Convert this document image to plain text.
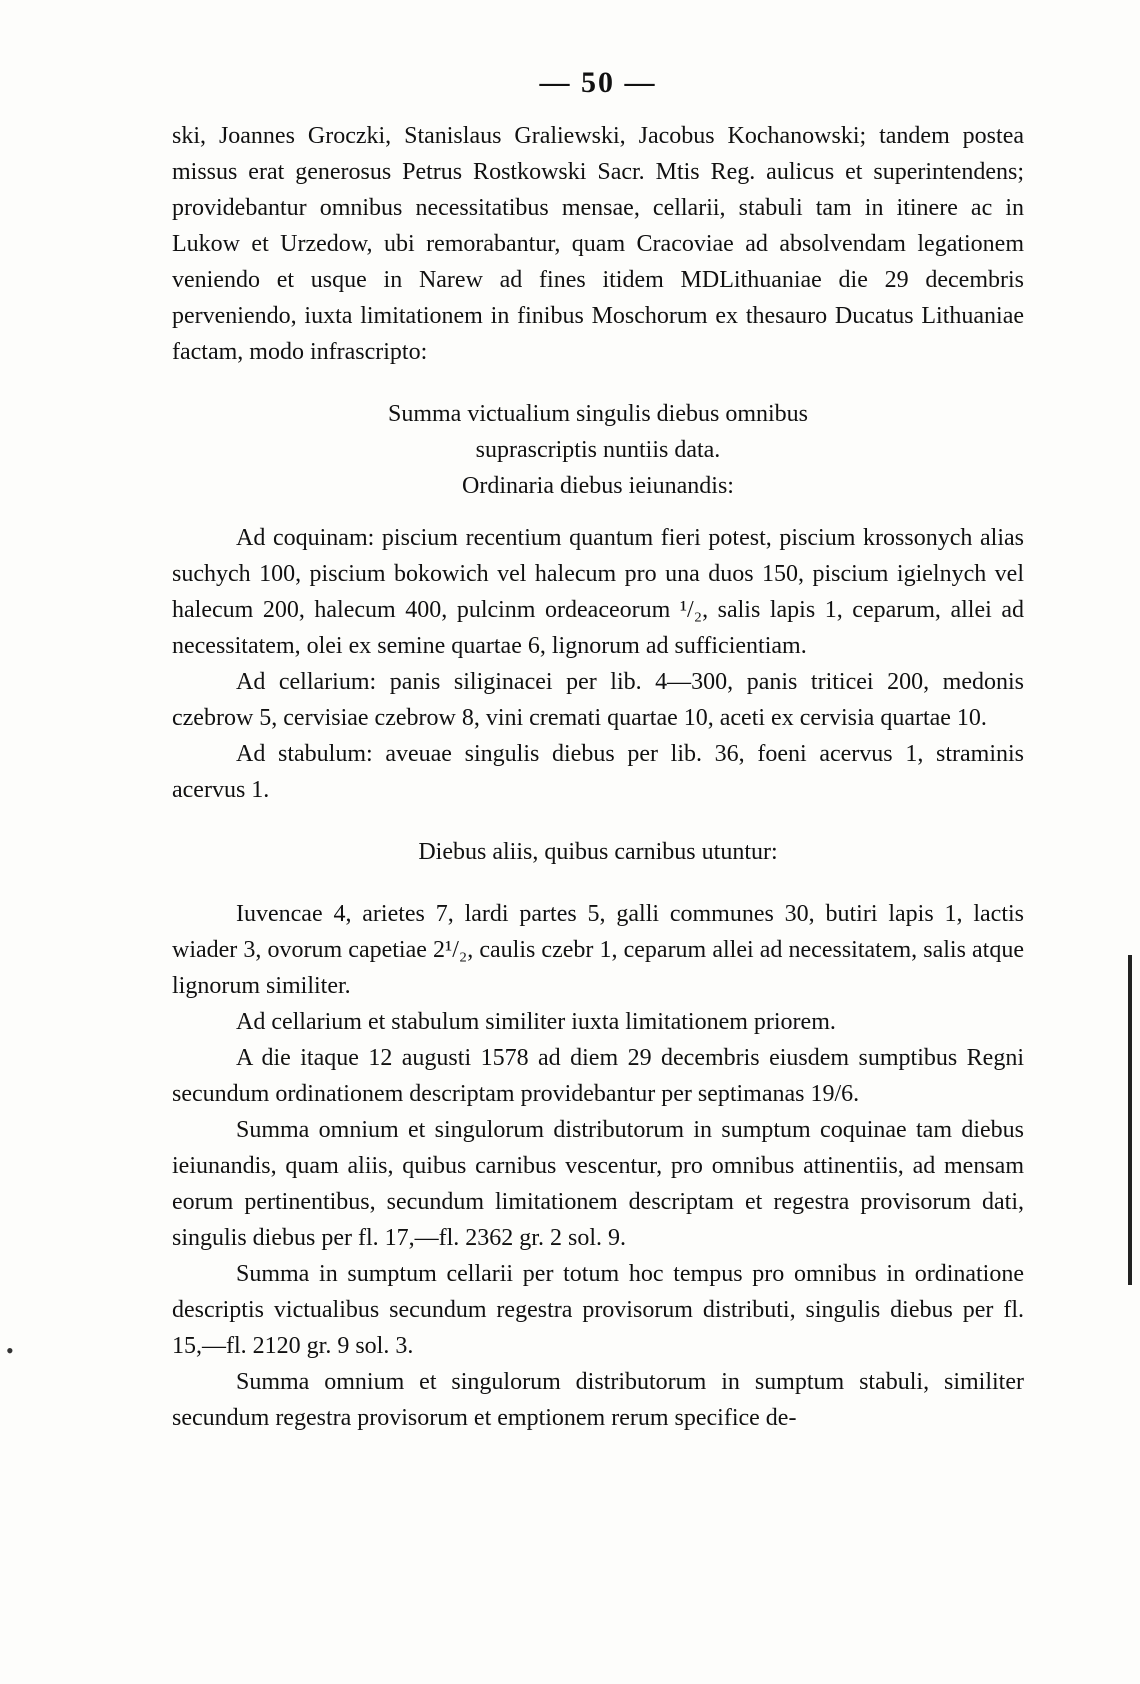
— 50 —

ski, Joannes Groczki, Stanislaus Graliewski, Jacobus Kochanowski; tandem postea missus erat generosus Petrus Rostkowski Sacr. Mtis Reg. aulicus et superintendens; providebantur omnibus necessitatibus mensae, cellarii, stabuli tam in itinere ac in Lukow et Urzedow, ubi remorabantur, quam Cracoviae ad absolvendam legationem veniendo et usque in Narew ad fines itidem MDLithuaniae die 29 decembris perveniendo, iuxta limitationem in finibus Moschorum ex thesauro Ducatus Lithuaniae factam, modo infrascripto:

Summa victualium singulis diebus omnibus
suprascriptis nuntiis data.
Ordinaria diebus ieiunandis:

Ad coquinam: piscium recentium quantum fieri potest, piscium krossonych alias suchych 100, piscium bokowich vel halecum pro una duos 150, piscium igielnych vel halecum 200, halecum 400, pulcinm ordeaceorum ¹/₂, salis lapis 1, ceparum, allei ad necessitatem, olei ex semine quartae 6, lignorum ad sufficientiam.

Ad cellarium: panis siliginacei per lib. 4—300, panis triticei 200, medonis czebrow 5, cervisiae czebrow 8, vini cremati quartae 10, aceti ex cervisia quartae 10.

Ad stabulum: aveuae singulis diebus per lib. 36, foeni acervus 1, straminis acervus 1.

Diebus aliis, quibus carnibus utuntur:

Iuvencae 4, arietes 7, lardi partes 5, galli communes 30, butiri lapis 1, lactis wiader 3, ovorum capetiae 2¹/₂, caulis czebr 1, ceparum allei ad necessitatem, salis atque lignorum similiter.

Ad cellarium et stabulum similiter iuxta limitationem priorem.

A die itaque 12 augusti 1578 ad diem 29 decembris eiusdem sumptibus Regni secundum ordinationem descriptam providebantur per septimanas 19/6.

Summa omnium et singulorum distributorum in sumptum coquinae tam diebus ieiunandis, quam aliis, quibus carnibus vescentur, pro omnibus attinentiis, ad mensam eorum pertinentibus, secundum limitationem descriptam et regestra provisorum dati, singulis diebus per fl. 17,—fl. 2362 gr. 2 sol. 9.

Summa in sumptum cellarii per totum hoc tempus pro omnibus in ordinatione descriptis victualibus secundum regestra provisorum distributi, singulis diebus per fl. 15,—fl. 2120 gr. 9 sol. 3.

Summa omnium et singulorum distributorum in sumptum stabuli, similiter secundum regestra provisorum et emptionem rerum specifice de-

•
